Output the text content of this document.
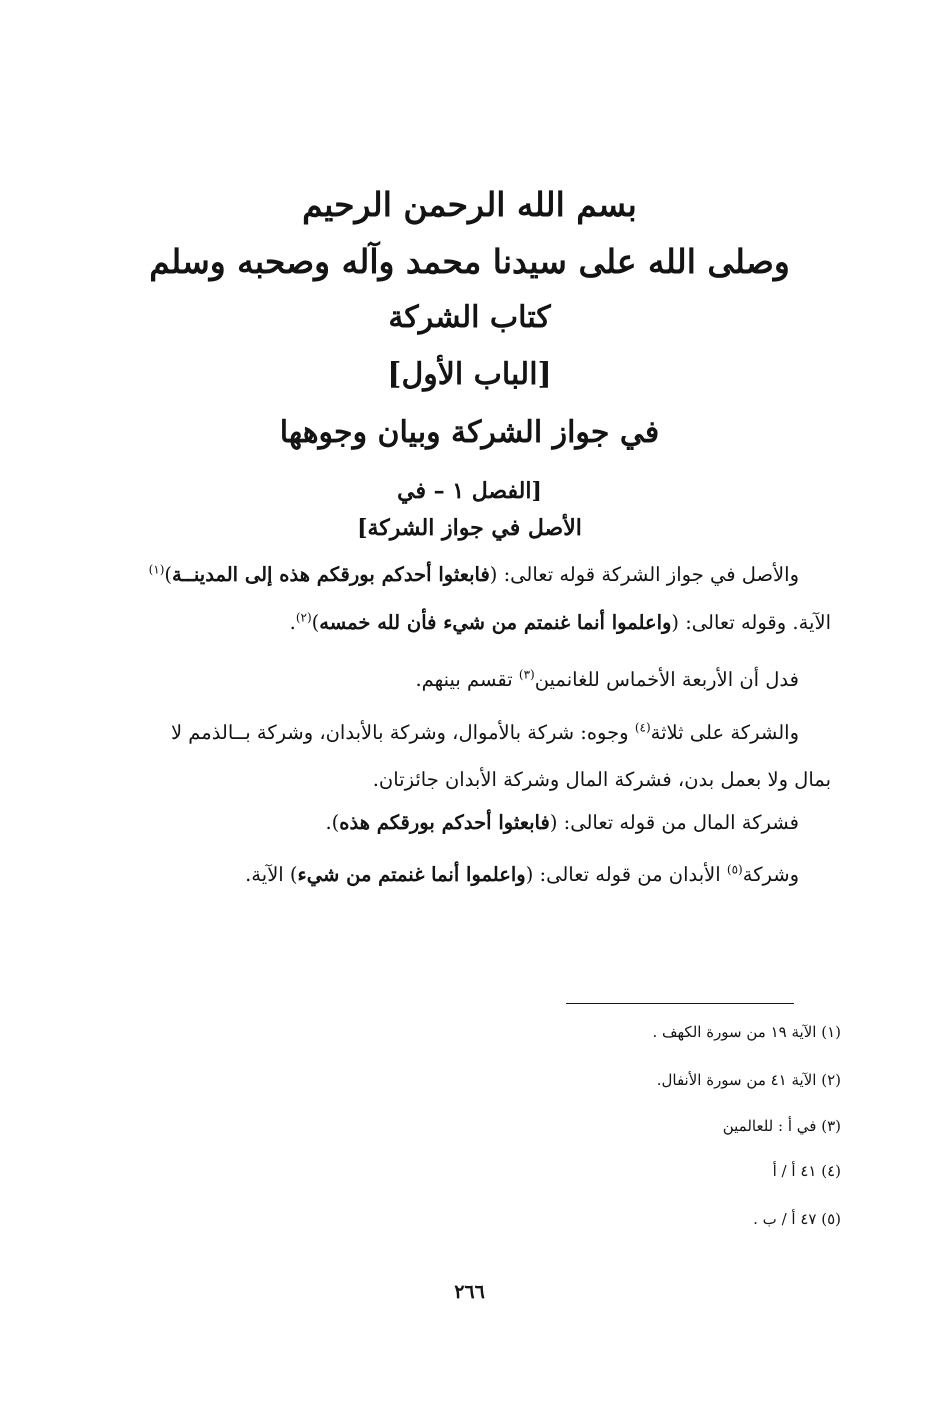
بسم الله الرحمن الرحيم
وصلى الله على سيدنا محمد وآله وصحبه وسلم
كتاب الشركة
[الباب الأول]
في جواز الشركة وبيان وجوهها
[الفصل ١ – في
الأصل في جواز الشركة]
والأصل في جواز الشركة قوله تعالى: (فابعثوا أحدكم بورقكم هذه إلى المدينــة)$^{(١)}$
الآية. وقوله تعالى: (واعلموا أنما غنمتم من شيء فأن لله خمسه)$^{(٢)}$.
فدل أن الأربعة الأخماس للغانمين$^{(٣)}$ تقسم بينهم.
والشركة على ثلاثة$^{(٤)}$ وجوه: شركة بالأموال، وشركة بالأبدان، وشركة بــالذمم لا
بمال ولا بعمل بدن، فشركة المال وشركة الأبدان جائزتان.
فشركة المال من قوله تعالى: (فابعثوا أحدكم بورقكم هذه).
وشركة$^{(٥)}$ الأبدان من قوله تعالى: (واعلموا أنما غنمتم من شيء) الآية.
(١) الآية ١٩ من سورة الكهف .
(٢) الآية ٤١ من سورة الأنفال.
(٣) في أ : للعالمين
(٤) ٤١ أ / أ
(٥) ٤٧ أ / ب .
٢٦٦
